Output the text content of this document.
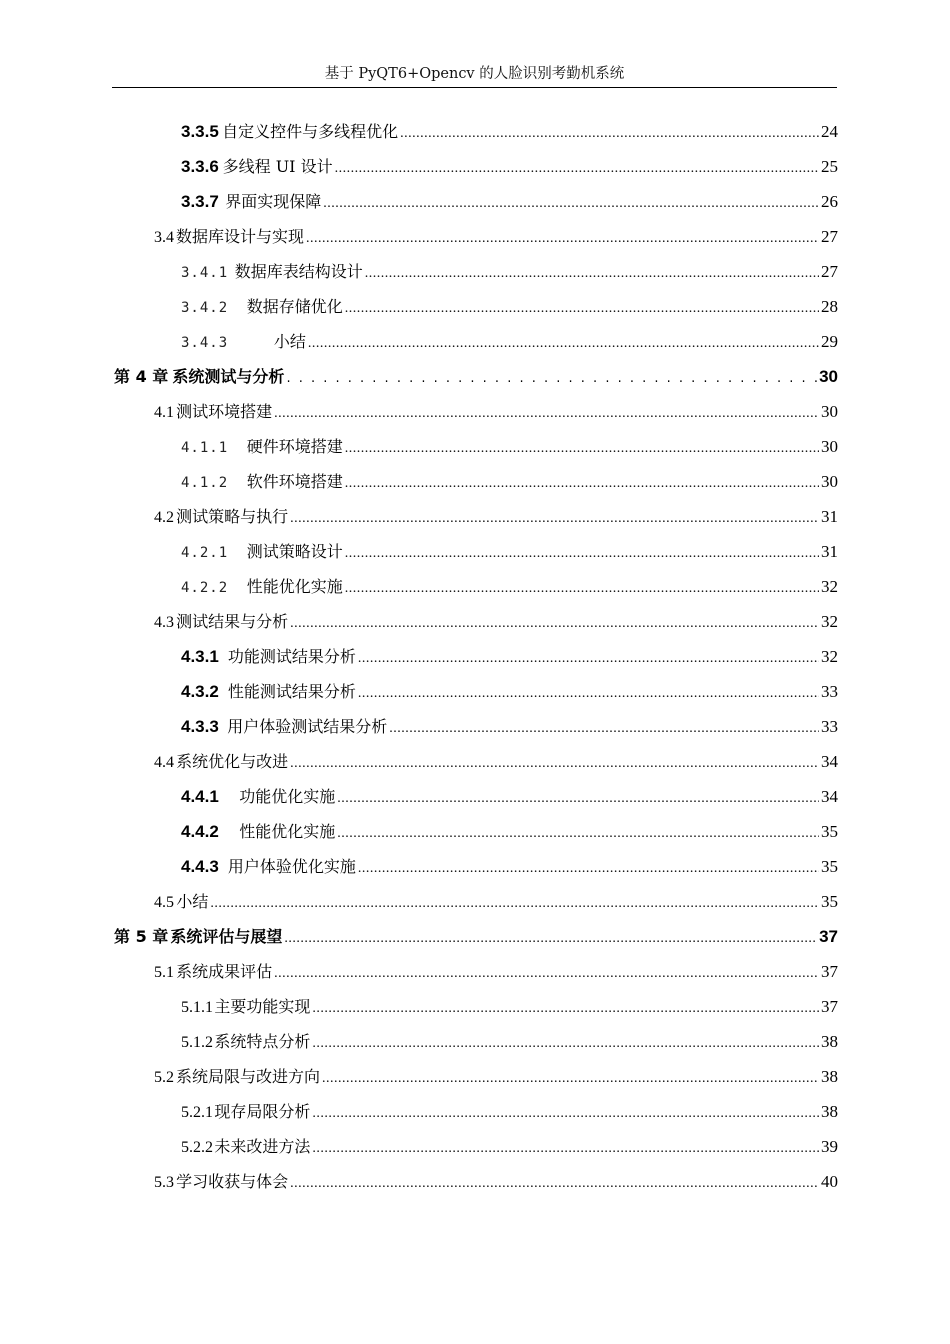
基于 PyQT6+Opencv 的人脸识别考勤机系统
3.3.5 自定义控件与多线程优化 .....	24
3.3.6 多线程 UI 设计 .....	25
3.3.7 界面实现保障 .....	26
3.4 数据库设计与实现 .....	27
3.4.1 数据库表结构设计 .....	27
3.4.2 数据存储优化 .....	28
3.4.3	小结 .....	29
第 4 章 系统测试与分析 . . .	30
4.1 测试环境搭建 .....	30
4.1.1 硬件环境搭建 .....	30
4.1.2 软件环境搭建 .....	30
4.2 测试策略与执行 .....	31
4.2.1 测试策略设计 .....	31
4.2.2 性能优化实施 .....	32
4.3 测试结果与分析 .....	32
4.3.1 功能测试结果分析 .....	32
4.3.2 性能测试结果分析 .....	33
4.3.3 用户体验测试结果分析 .....	33
4.4 系统优化与改进 .....	34
4.4.1 功能优化实施 .....	34
4.4.2 性能优化实施 .....	35
4.4.3 用户体验优化实施 .....	35
4.5 小结 .....	35
第 5 章 系统评估与展望 .....	37
5.1 系统成果评估 .....	37
5.1.1 主要功能实现 .....	37
5.1.2 系统特点分析 .....	38
5.2 系统局限与改进方向 .....	38
5.2.1 现存局限分析 .....	38
5.2.2 未来改进方法 .....	39
5.3 学习收获与体会 .....	40
